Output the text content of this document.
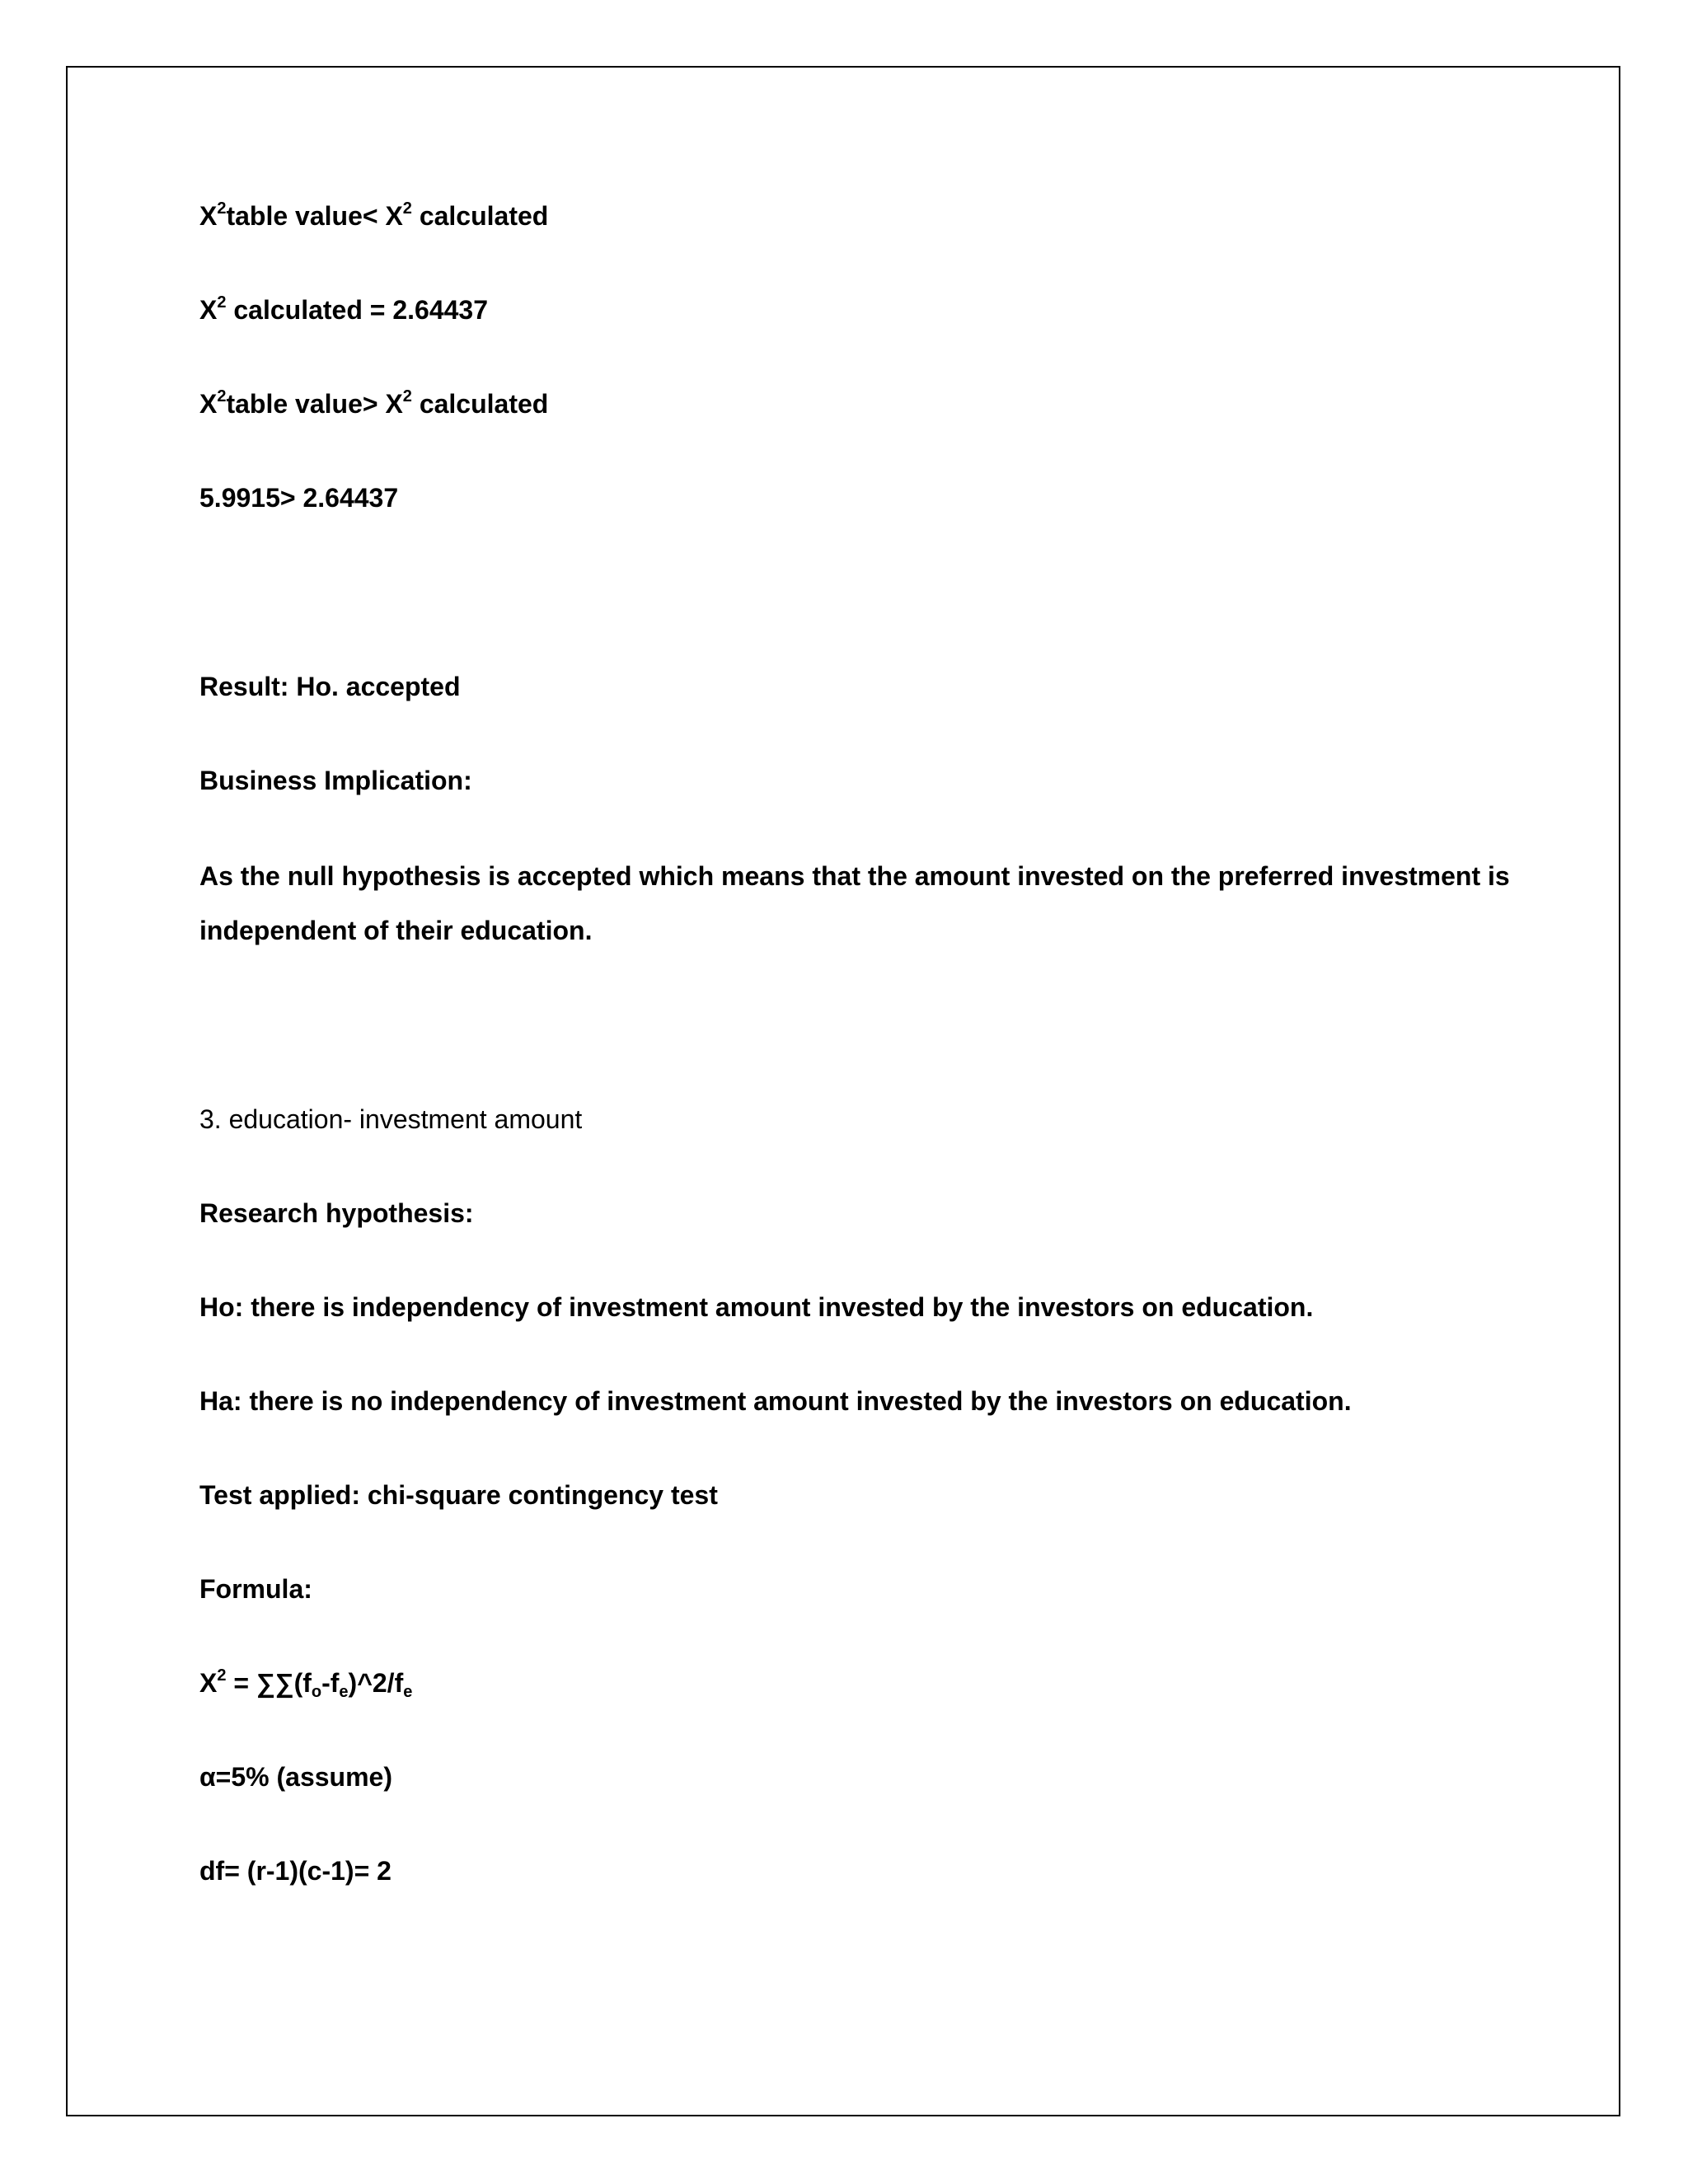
$X^2table$ value< $X^2$ calculated
$X^2$ calculated = 2.64437
$X^2table$ value> $X^2$ calculated
5.9915> 2.64437
Result: Ho. accepted
Business Implication:
As the null hypothesis is accepted which means that the amount invested on the preferred investment is independent of their education.
3. education- investment amount
Research hypothesis:
Ho: there is independency of investment amount invested by the investors on education.
Ha: there is no independency of investment amount invested by the investors on education.
Test applied: chi-square contingency test
Formula:
$X^2$ = $\sum\sum(f_o-f_e)\^{}2/f_e$
α=5% (assume)
df= (r-1)(c-1)= 2
